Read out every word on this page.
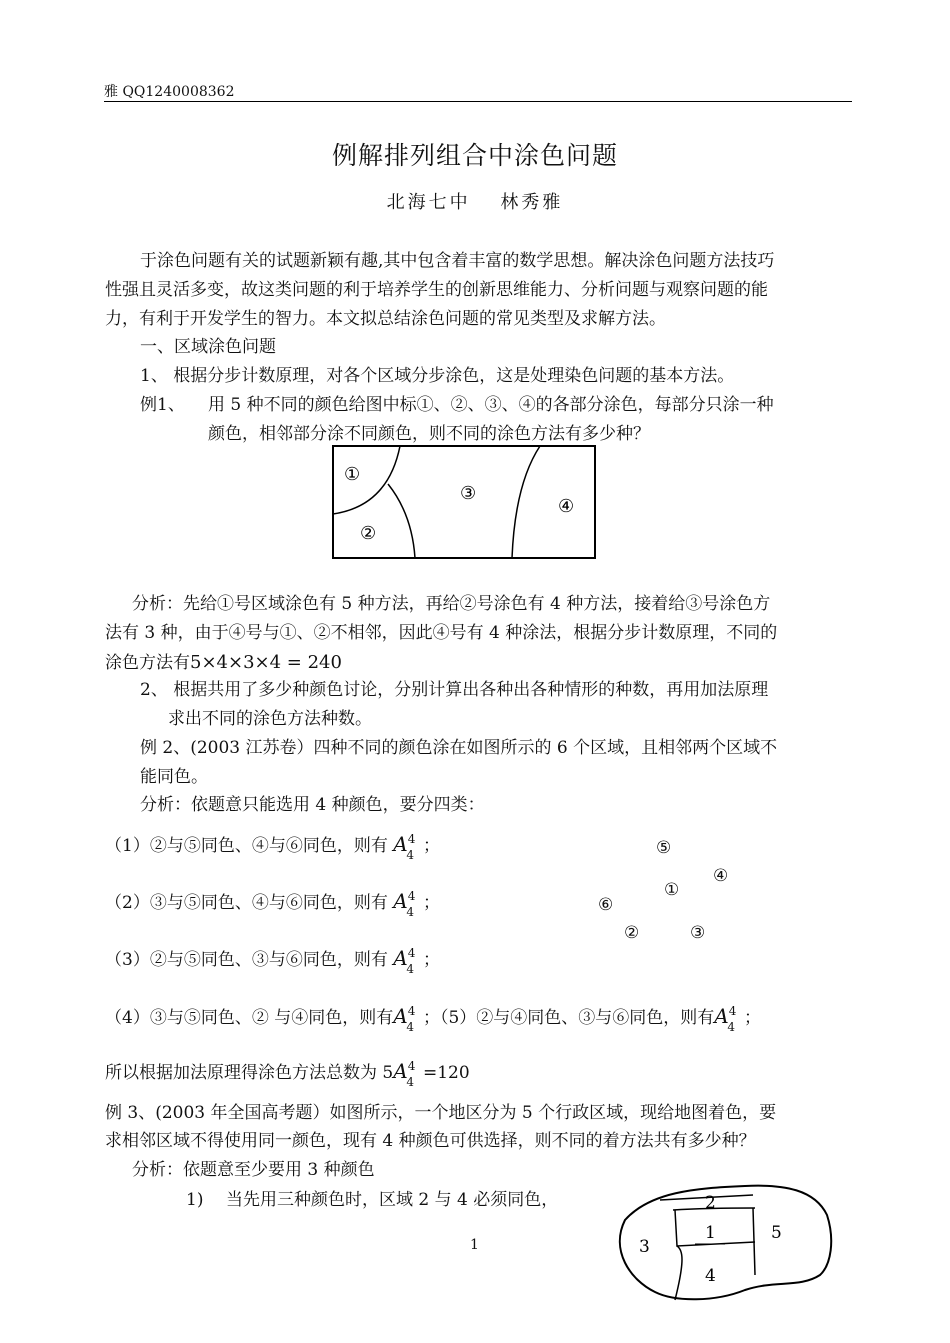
雅 QQ1240008362
例解排列组合中涂色问题
北海七中　 林秀雅
于涂色问题有关的试题新颖有趣,其中包含着丰富的数学思想。解决涂色问题方法技巧
性强且灵活多变，故这类问题的利于培养学生的创新思维能力、分析问题与观察问题的能
力，有利于开发学生的智力。本文拟总结涂色问题的常见类型及求解方法。
一、区域涂色问题
1、 根据分步计数原理，对各个区域分步涂色，这是处理染色问题的基本方法。
例1、 用 5 种不同的颜色给图中标①、②、③、④的各部分涂色，每部分只涂一种
颜色，相邻部分涂不同颜色，则不同的涂色方法有多少种？
①
②
③
④
分析：先给①号区域涂色有 5 种方法，再给②号涂色有 4 种方法，接着给③号涂色方
法有 3 种，由于④号与①、②不相邻，因此④号有 4 种涂法，根据分步计数原理，不同的
涂色方法有5×4×3×4 = 240
2、 根据共用了多少种颜色讨论，分别计算出各种出各种情形的种数，再用加法原理
求出不同的涂色方法种数。
例 2、(2003 江苏卷）四种不同的颜色涂在如图所示的 6 个区域，且相邻两个区域不
能同色。
分析：依题意只能选用 4 种颜色，要分四类：
（1）②与⑤同色、④与⑥同色，则有 $A^4_4$ ；
（2）③与⑤同色、④与⑥同色，则有 $A^4_4$ ；
（3）②与⑤同色、③与⑥同色，则有 $A^4_4$ ；
（4）③与⑤同色、② 与④同色，则有$A^4_4$ ；（5）②与④同色、③与⑥同色，则有$A^4_4$ ；
⑤
④
①
⑥
②	③
所以根据加法原理得涂色方法总数为 $5A^4_4 =120$
例 3、(2003 年全国高考题）如图所示，一个地区分为 5 个行政区域，现给地图着色，要
求相邻区域不得使用同一颜色，现有 4 种颜色可供选择，则不同的着方法共有多少种？
分析：依题意至少要用 3 种颜色
1) 当先用三种颜色时，区域 2 与 4 必须同色，	2
1	5
3
4
1
